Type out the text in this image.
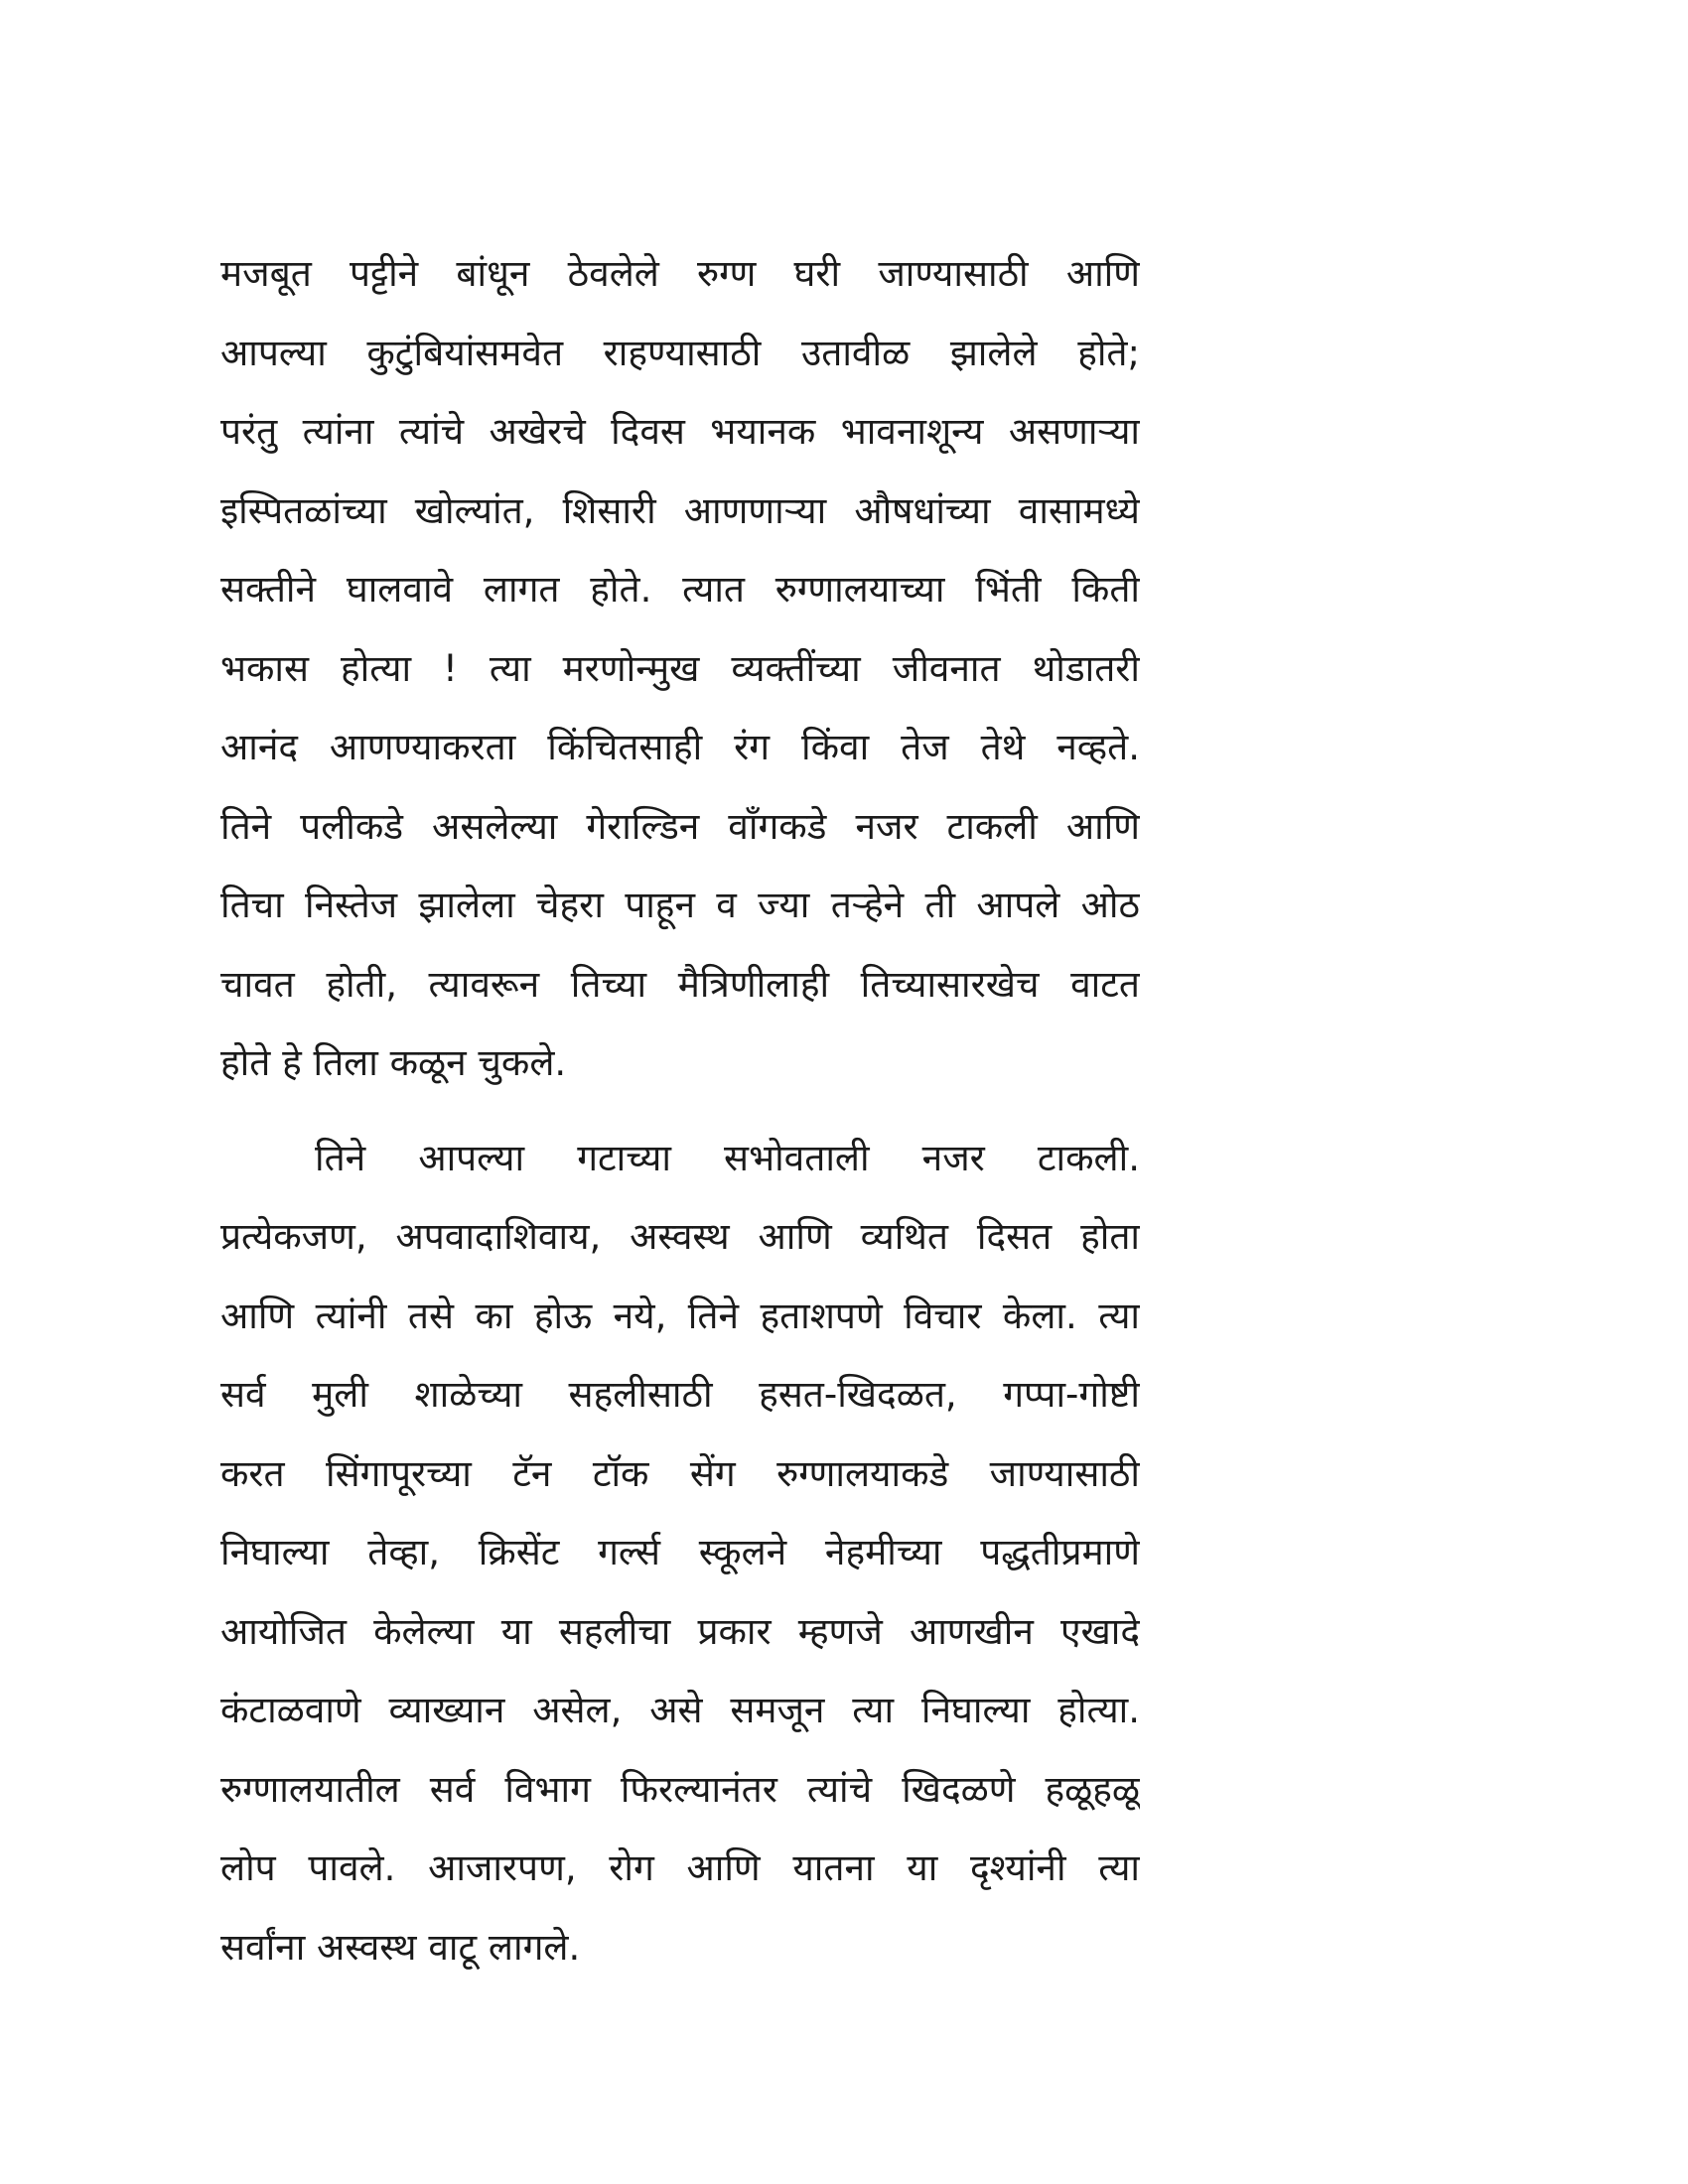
मजबूत पट्टीने बांधून ठेवलेले रुग्ण घरी जाण्यासाठी आणि
आपल्या कुटुंबियांसमवेत राहण्यासाठी उतावीळ झालेले होते;
परंतु त्यांना त्यांचे अखेरचे दिवस भयानक भावनाशून्य असणाऱ्या
इस्पितळांच्या खोल्यांत, शिसारी आणणाऱ्या औषधांच्या वासामध्ये
सक्तीने घालवावे लागत होते. त्यात रुग्णालयाच्या भिंती किती
भकास होत्या ! त्या मरणोन्मुख व्यक्तींच्या जीवनात थोडातरी
आनंद आणण्याकरता किंचितसाही रंग किंवा तेज तेथे नव्हते.
तिने पलीकडे असलेल्या गेराल्डिन वाँगकडे नजर टाकली आणि
तिचा निस्तेज झालेला चेहरा पाहून व ज्या तऱ्हेने ती आपले ओठ
चावत होती, त्यावरून तिच्या मैत्रिणीलाही तिच्यासारखेच वाटत
होते हे तिला कळून चुकले.
तिने आपल्या गटाच्या सभोवताली नजर टाकली.
प्रत्येकजण, अपवादाशिवाय, अस्वस्थ आणि व्यथित दिसत होता
आणि त्यांनी तसे का होऊ नये, तिने हताशपणे विचार केला. त्या
सर्व मुली शाळेच्या सहलीसाठी हसत-खिदळत, गप्पा-गोष्टी
करत सिंगापूरच्या टॅन टॉक सेंग रुग्णालयाकडे जाण्यासाठी
निघाल्या तेव्हा, क्रिसेंट गर्ल्स स्कूलने नेहमीच्या पद्धतीप्रमाणे
आयोजित केलेल्या या सहलीचा प्रकार म्हणजे आणखीन एखादे
कंटाळवाणे व्याख्यान असेल, असे समजून त्या निघाल्या होत्या.
रुग्णालयातील सर्व विभाग फिरल्यानंतर त्यांचे खिदळणे हळूहळू
लोप पावले. आजारपण, रोग आणि यातना या दृश्यांनी त्या
सर्वांना अस्वस्थ वाटू लागले.
